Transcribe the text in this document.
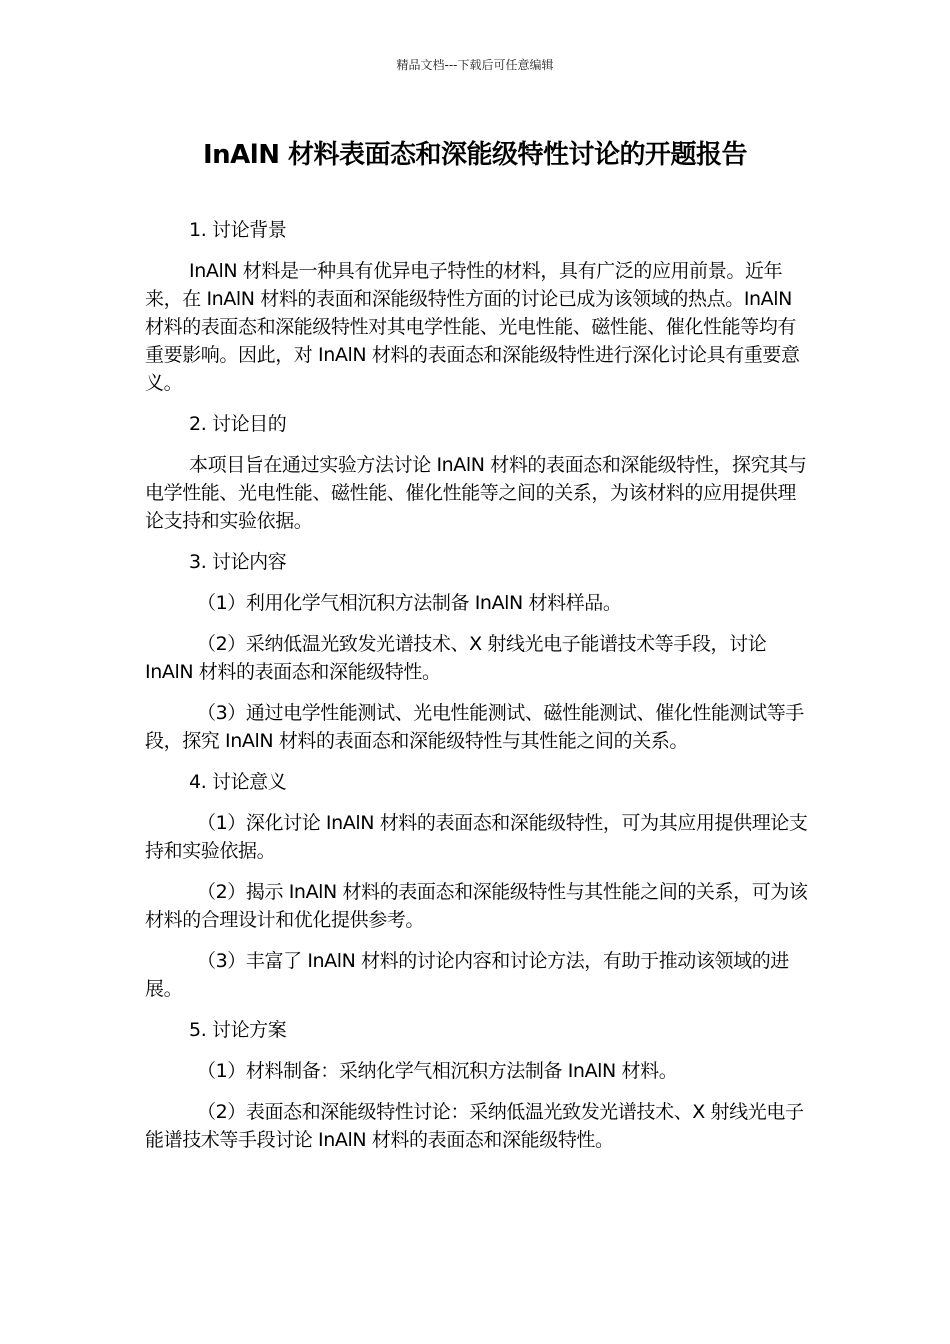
精品文档---下载后可任意编辑
InAlN 材料表面态和深能级特性讨论的开题报告

1. 讨论背景

InAlN 材料是一种具有优异电子特性的材料，具有广泛的应用前景。近年来，在 InAlN 材料的表面和深能级特性方面的讨论已成为该领域的热点。InAlN 材料的表面态和深能级特性对其电学性能、光电性能、磁性能、催化性能等均有重要影响。因此，对 InAlN 材料的表面态和深能级特性进行深化讨论具有重要意义。

2. 讨论目的

本项目旨在通过实验方法讨论 InAlN 材料的表面态和深能级特性，探究其与电学性能、光电性能、磁性能、催化性能等之间的关系，为该材料的应用提供理论支持和实验依据。

3. 讨论内容

（1）利用化学气相沉积方法制备 InAlN 材料样品。

（2）采纳低温光致发光谱技术、X 射线光电子能谱技术等手段，讨论 InAlN 材料的表面态和深能级特性。

（3）通过电学性能测试、光电性能测试、磁性能测试、催化性能测试等手段，探究 InAlN 材料的表面态和深能级特性与其性能之间的关系。

4. 讨论意义

（1）深化讨论 InAlN 材料的表面态和深能级特性，可为其应用提供理论支持和实验依据。

（2）揭示 InAlN 材料的表面态和深能级特性与其性能之间的关系，可为该材料的合理设计和优化提供参考。

（3）丰富了 InAlN 材料的讨论内容和讨论方法，有助于推动该领域的进展。

5. 讨论方案

（1）材料制备：采纳化学气相沉积方法制备 InAlN 材料。

（2）表面态和深能级特性讨论：采纳低温光致发光谱技术、X 射线光电子能谱技术等手段讨论 InAlN 材料的表面态和深能级特性。
